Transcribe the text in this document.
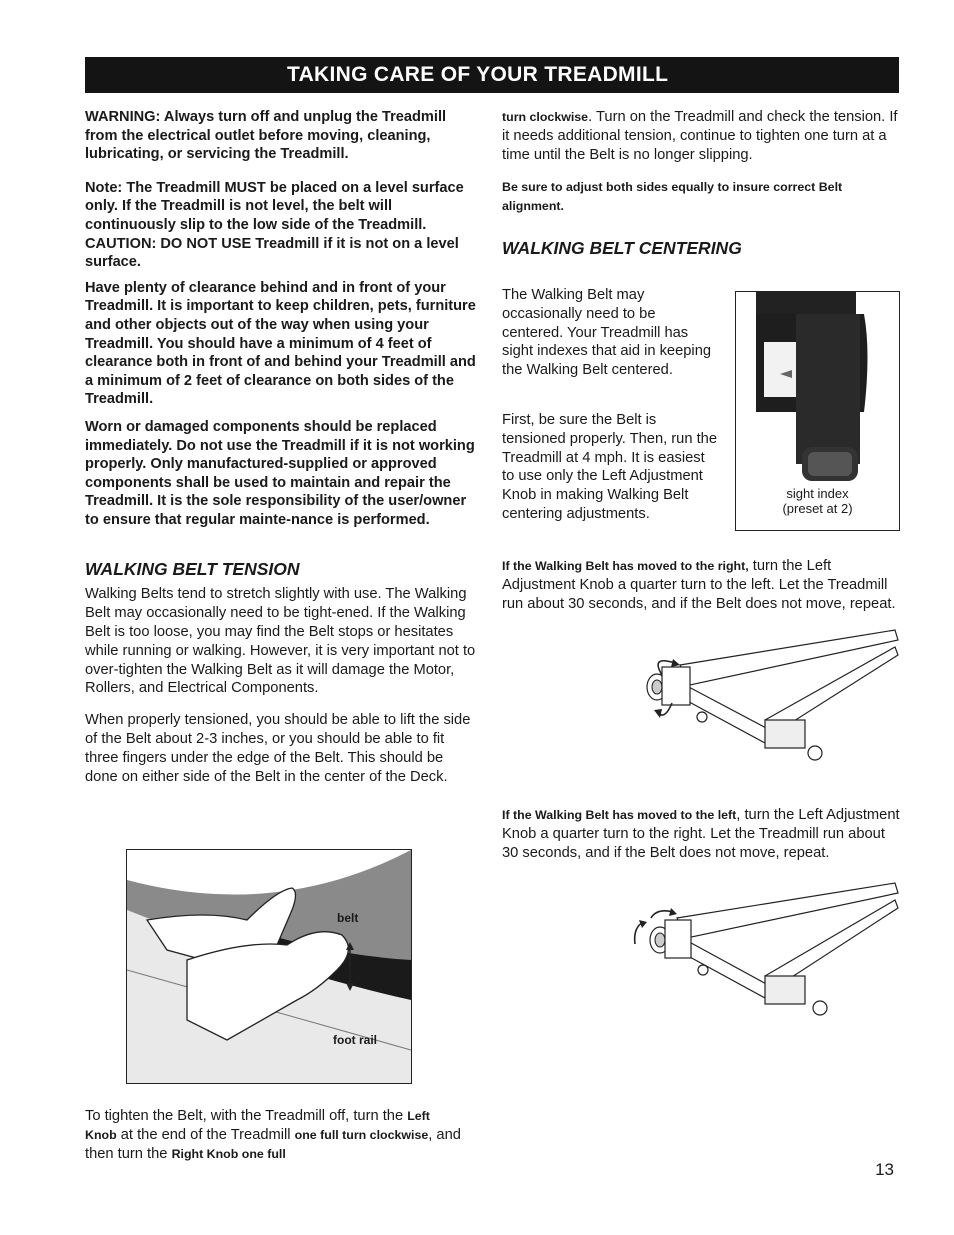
TAKING CARE OF YOUR TREADMILL

WARNING: Always turn off and unplug the Treadmill from the electrical outlet before moving, cleaning, lubricating, or servicing the Treadmill.

Note: The Treadmill MUST be placed on a level surface only. If the Treadmill is not level, the belt will continuously slip to the low side of the Treadmill. CAUTION: DO NOT USE Treadmill if it is not on a level surface.

Have plenty of clearance behind and in front of your Treadmill. It is important to keep children, pets, furniture and other objects out of the way when using your Treadmill. You should have a minimum of 4 feet of clearance both in front of and behind your Treadmill and a minimum of 2 feet of clearance on both sides of the Treadmill.

Worn or damaged components should be replaced immediately. Do not use the Treadmill if it is not working properly. Only manufactured-supplied or approved components shall be used to maintain and repair the Treadmill. It is the sole responsibility of the user/owner to ensure that regular mainte-nance is performed.

WALKING BELT TENSION

Walking Belts tend to stretch slightly with use. The Walking Belt may occasionally need to be tight-ened. If the Walking Belt is too loose, you may find the Belt stops or hesitates while running or walking. However, it is very important not to over-tighten the Walking Belt as it will damage the Motor, Rollers, and Electrical Components.

When properly tensioned, you should be able to lift the side of the Belt about 2-3 inches, or you should be able to fit three fingers under the edge of the Belt. This should be done on either side of the Belt in the center of the Deck.

belt
foot rail

To tighten the Belt, with the Treadmill off, turn the Left Knob at the end of the Treadmill one full turn clockwise, and then turn the Right Knob one full

turn clockwise. Turn on the Treadmill and check the tension. If it needs additional tension, continue to tighten one turn at a time until the Belt is no longer slipping.

Be sure to adjust both sides equally to insure correct Belt alignment.

WALKING BELT CENTERING

The Walking Belt may occasionally need to be centered. Your Treadmill has sight indexes that aid in keeping the Walking Belt centered.

First, be sure the Belt is tensioned properly. Then, run the Treadmill at 4 mph. It is easiest to use only the Left Adjustment Knob in making Walking Belt centering adjustments.

sight index
(preset at 2)

If the Walking Belt has moved to the right, turn the Left Adjustment Knob a quarter turn to the left. Let the Treadmill run about 30 seconds, and if the Belt does not move, repeat.

If the Walking Belt has moved to the left, turn the Left Adjustment Knob a quarter turn to the right. Let the Treadmill run about 30 seconds, and if the Belt does not move, repeat.

13
